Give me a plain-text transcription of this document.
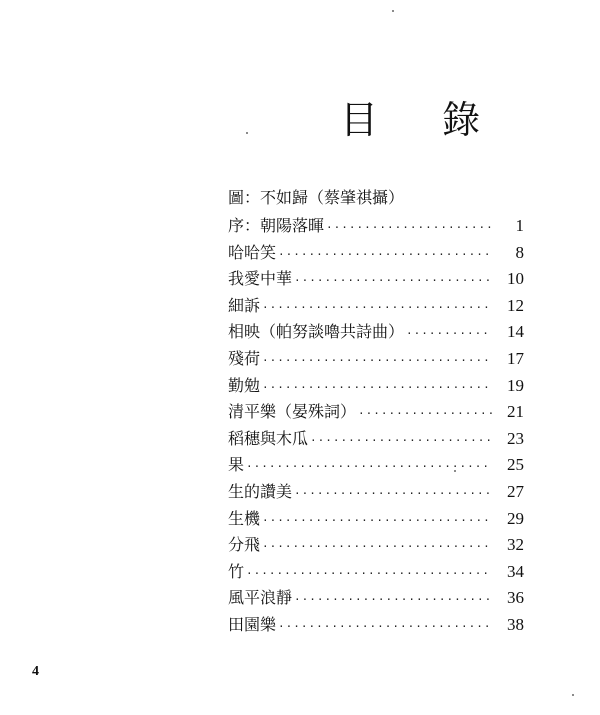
目 錄
圖：不如歸（蔡肇祺攝）
序：朝陽落暉 ·····	1
哈哈笑 ·····	8
我愛中華 ·····	10
細訴 ·····	12
相映（帕努談嚕共詩曲） ·····	14
殘荷 ·····	17
勤勉 ·····	19
清平樂（晏殊詞） ·····	21
稻穗與木瓜 ·····	23
果 ·····	25
生的讚美 ·····	27
生機 ·····	29
分飛 ·····	32
竹 ·····	34
風平浪靜 ·····	36
田園樂 ·····	38
4
